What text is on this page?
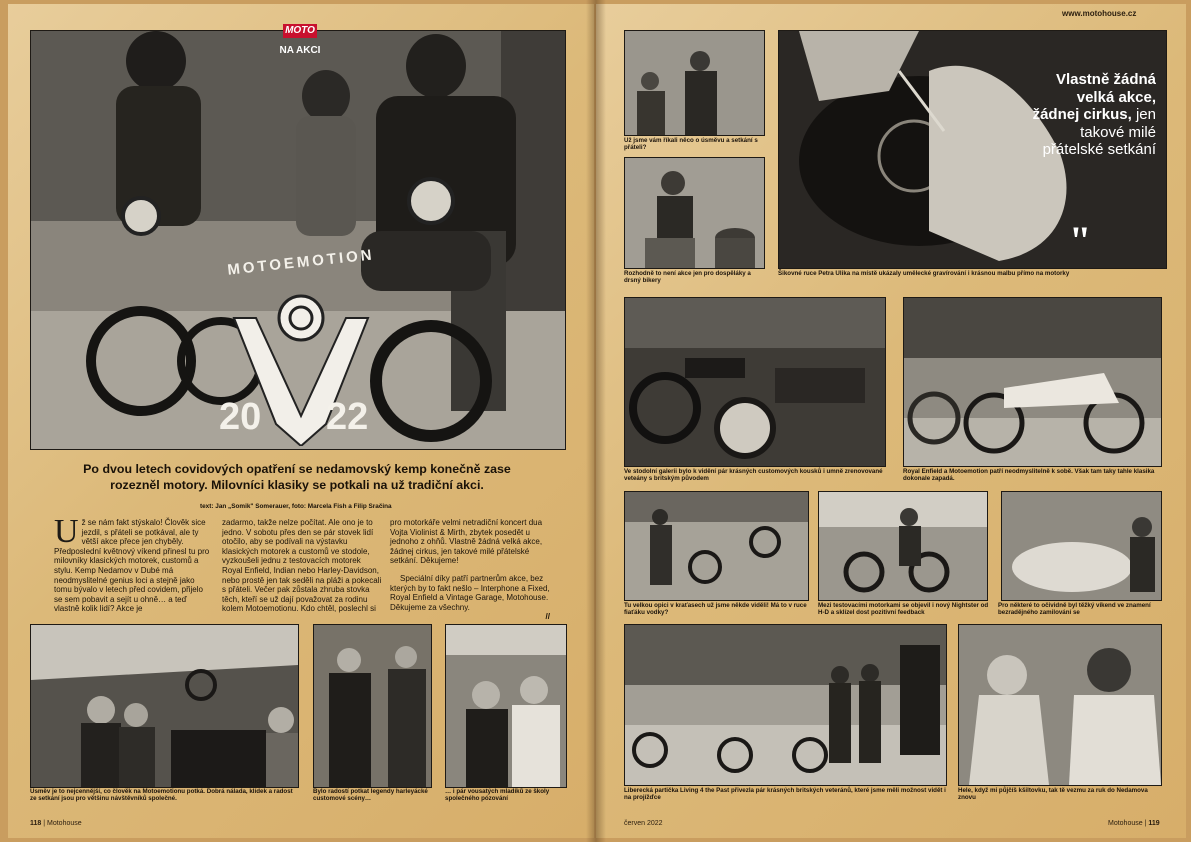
MOTOEMOTION
20 22
MOTO
NA AKCI
Po dvou letech covidových opatření se nedamovský kemp konečně zase rozezněl motory. Milovníci klasiky se potkali na už tradiční akci.
text: Jan „Somik" Somerauer, foto: Marcela Fish a Filip Sračina
Už se nám fakt stýskalo! Člověk sice jezdil, s přáteli se potkával, ale ty větší akce přece jen chyběly. Předposlední květnový víkend přinesl tu pro milovníky klasických motorek, customů a stylu. Kemp Nedamov v Dubé má neodmyslitelné genius loci a stejně jako tomu bývalo v letech před covidem, přijelo se sem pobavit a sejít u ohně… a teď vlastně kolik lidí? Akce je
zadarmo, takže nelze počítat. Ale ono je to jedno. V sobotu přes den se pár stovek lidí otočilo, aby se podívali na výstavku klasických motorek a customů ve stodole, vyzkoušeli jednu z testovacích motorek Royal Enfield, Indian nebo Harley-Davidson, nebo prostě jen tak seděli na pláži a pokecali s přáteli. Večer pak zůstala zhruba stovka těch, kteří se už dají považovat za rodinu kolem Motoemotionu. Kdo chtěl, poslechl si
pro motorkáře velmi netradiční koncert dua Vojta Violinist & Mirth, zbytek posedět u jednoho z ohňů. Vlastně žádná velká akce, žádnej cirkus, jen takové milé přátelské setkání. Děkujeme!
Speciální díky patří partnerům akce, bez kterých by to fakt nešlo – Interphone a Fixed, Royal Enfield a Vintage Garage, Motohouse. Děkujeme za všechny.
//
Úsměv je to nejcennější, co člověk na Motoemotionu potká. Dobrá nálada, klídek a radost ze setkání jsou pro většinu návštěvníků společné.
Bylo radostí potkat legendy harleyácké customové scény…
… i pár vousatých mladíků ze školy společného pózování
118 | Motohouse
www.motohouse.cz
Už jsme vám říkali něco o úsměvu a setkání s přáteli?
Rozhodně to není akce jen pro dospěláky a drsný bikery
Vlastně žádná velká akce, žádnej cirkus, jen takové milé přátelské setkání
"
Šikovné ruce Petra Ulika na místě ukázaly umělecké gravírování i krásnou malbu přímo na motorky
Ve stodolní galerii bylo k vidění pár krásných customových kousků i umně zrenovované veteány s britským původem
Royal Enfield a Motoemotion patří neodmyslitelně k sobě. Však tam taky tahle klasika dokonale zapadá.
Tu velkou opici v kraťasech už jsme někde viděli! Má to v ruce fiaťáku vodky?
Mezi testovacími motorkami se objevil i nový Nightster od H-D a sklízel dost pozitivní feedback
Pro některé to očividně byl těžký víkend ve znamení bezradějného zamilování se
Liberecká partička Living 4 the Past přivezla pár krásných britských veteránů, které jsme měli možnost vidět i na projížďce
Hele, když mi půjčíš kšiltovku, tak tě vezmu za ruk do Nedamova znovu
červen 2022	Motohouse | 119
